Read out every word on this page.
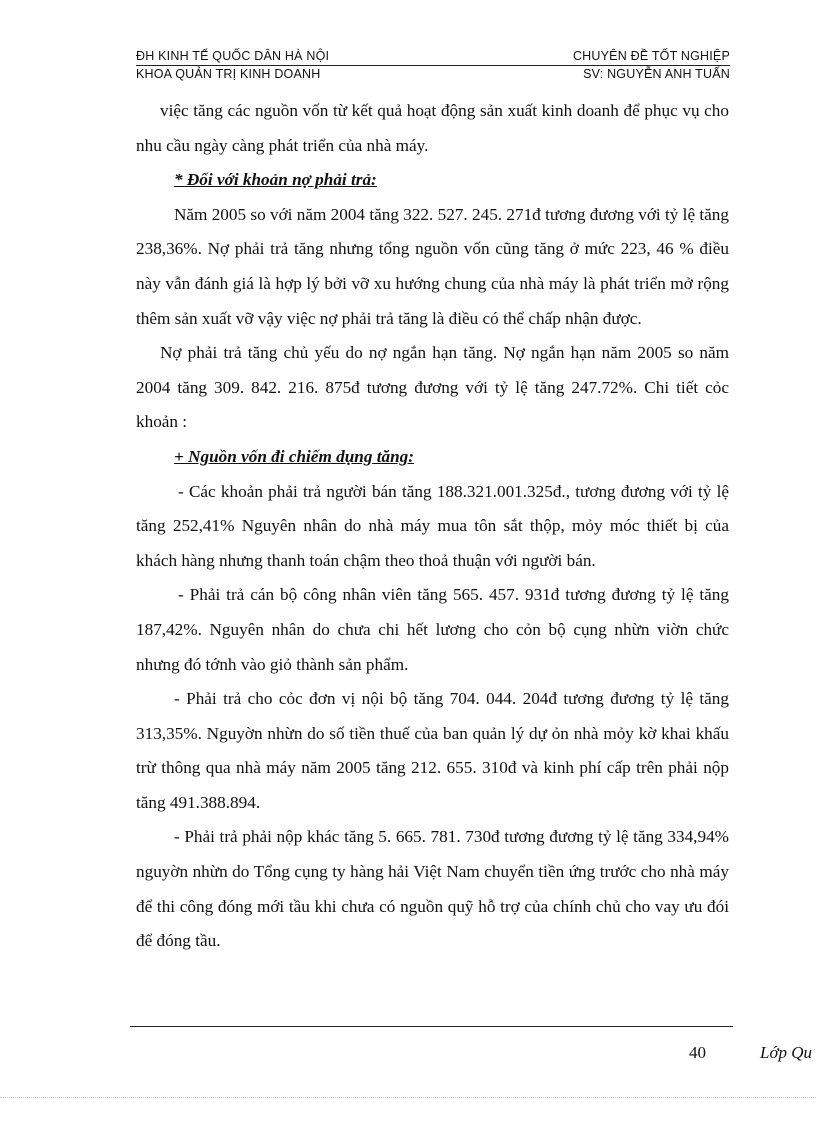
ĐH KINH TẾ QUỐC DÂN HÀ NỘI	CHUYÊN ĐỀ TỐT NGHIỆP
KHOA QUẢN TRỊ KINH DOANH	SV: NGUYỄN ANH TUẤN

việc tăng các nguồn vốn từ kết quả hoạt động sản xuất kinh doanh để phục vụ cho nhu cầu ngày càng phát triển của nhà máy.

* Đối với khoản nợ phải trả:

Năm 2005 so với năm 2004 tăng 322. 527. 245. 271đ tương đương với tỷ lệ tăng 238,36%. Nợ phải trả tăng nhưng tổng nguồn vốn cũng tăng ở mức 223, 46 % điều này vẫn đánh giá là hợp lý bởi vỡ xu hướng chung của nhà máy là phát triển mở rộng thêm sản xuất vỡ vậy việc nợ phải trả tăng là điều có thể chấp nhận được.

Nợ phải trả tăng chủ yếu do nợ ngắn hạn tăng. Nợ ngắn hạn năm 2005 so năm 2004 tăng 309. 842. 216. 875đ tương đương với tỷ lệ tăng 247.72%. Chi tiết cỏc khoản :

+ Nguồn vốn đi chiếm dụng tăng:

- Các khoản phải trả người bán tăng 188.321.001.325đ., tương đương với tỷ lệ tăng 252,41% Nguyên nhân do nhà máy mua tôn sắt thộp, mỏy móc thiết bị của khách hàng nhưng thanh toán chậm theo thoả thuận với người bán.

- Phải trả cán bộ công nhân viên tăng 565. 457. 931đ tương đương tỷ lệ tăng 187,42%. Nguyên nhân do chưa chi hết lương cho cỏn bộ cụng nhừn viờn chức nhưng đó tớnh vào giỏ thành sản phẩm.

- Phải trả cho cỏc đơn vị nội bộ tăng 704. 044. 204đ tương đương tỷ lệ tăng 313,35%. Nguyờn nhừn do số tiền thuế của ban quản lý dự ỏn nhà mỏy kờ khai khấu trừ thông qua nhà máy năm 2005 tăng 212. 655. 310đ và kinh phí cấp trên phải nộp tăng 491.388.894.

- Phải trả phải nộp khác tăng 5. 665. 781. 730đ tương đương tỷ lệ tăng 334,94% nguyờn nhừn do Tổng cụng ty hàng hải Việt Nam chuyển tiền ứng trước cho nhà máy để thi công đóng mới tầu khi chưa có nguồn quỹ hỗ trợ của chính chủ cho vay ưu đói để đóng tầu.

40	Lớp Qu
